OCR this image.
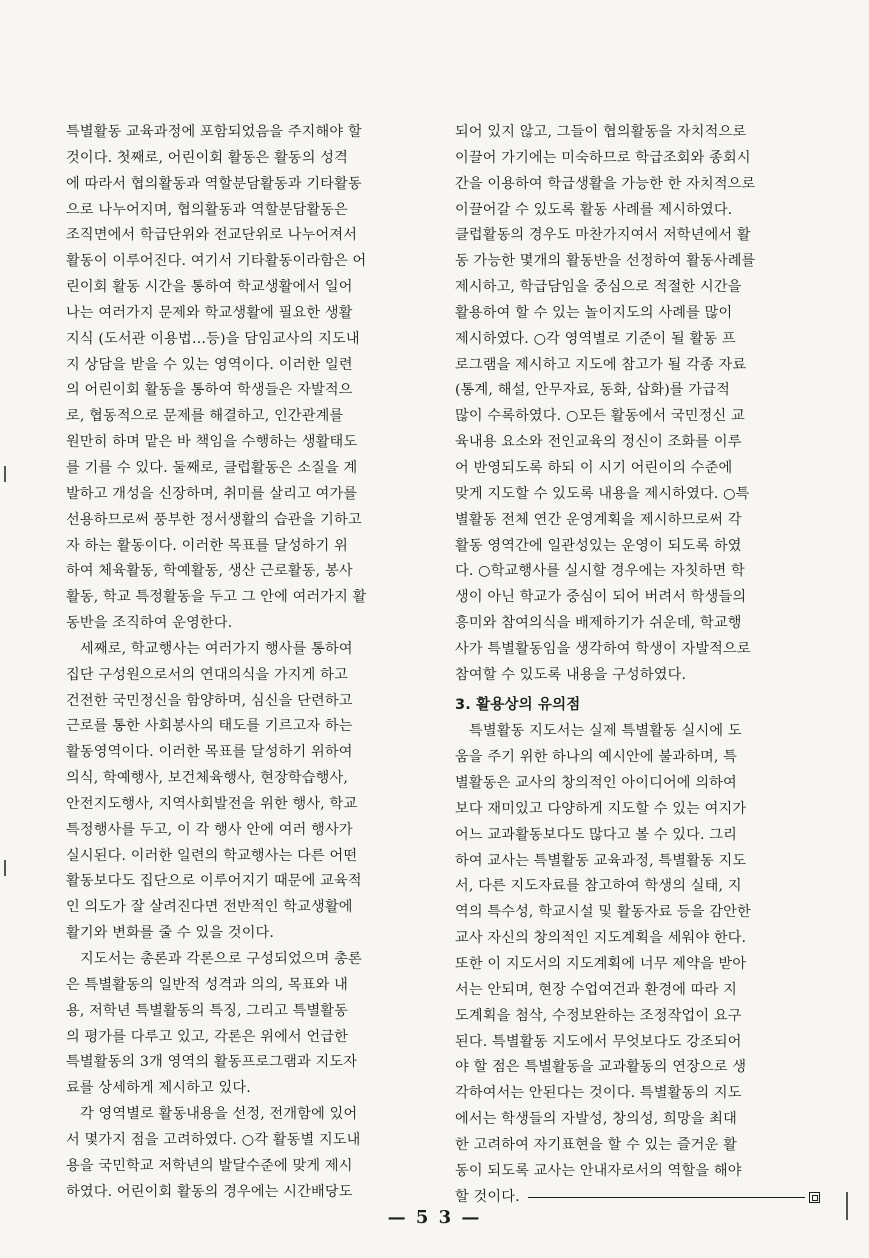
특별활동 교육과정에 포함되었음을 주지해야 할
것이다. 첫째로, 어린이회 활동은 활동의 성격
에 따라서 협의활동과 역할분담활동과 기타활동
으로 나누어지며, 협의활동과 역할분담활동은
조직면에서 학급단위와 전교단위로 나누어져서
활동이 이루어진다. 여기서 기타활동이라함은 어
린이회 활동 시간을 통하여 학교생활에서 일어
나는 여러가지 문제와 학교생활에 필요한 생활
지식 (도서관 이용법…등)을 담임교사의 지도내
지 상담을 받을 수 있는 영역이다. 이러한 일련
의 어린이회 활동을 통하여 학생들은 자발적으
로, 협동적으로 문제를 해결하고, 인간관계를
원만히 하며 맡은 바 책임을 수행하는 생활태도
를 기를 수 있다. 둘째로, 클럽활동은 소질을 계
발하고 개성을 신장하며, 취미를 살리고 여가를
선용하므로써 풍부한 정서생활의 습관을 기하고
자 하는 활동이다. 이러한 목표를 달성하기 위
하여 체육활동, 학예활동, 생산 근로활동, 봉사
활동, 학교 특정활동을 두고 그 안에 여러가지 활
동반을 조직하여 운영한다.
세째로, 학교행사는 여러가지 행사를 통하여
집단 구성원으로서의 연대의식을 가지게 하고
건전한 국민정신을 함양하며, 심신을 단련하고
근로를 통한 사회봉사의 태도를 기르고자 하는
활동영역이다. 이러한 목표를 달성하기 위하여
의식, 학예행사, 보건체육행사, 현장학습행사,
안전지도행사, 지역사회발전을 위한 행사, 학교
특정행사를 두고, 이 각 행사 안에 여러 행사가
실시된다. 이러한 일련의 학교행사는 다른 어떤
활동보다도 집단으로 이루어지기 때문에 교육적
인 의도가 잘 살려진다면 전반적인 학교생활에
활기와 변화를 줄 수 있을 것이다.
지도서는 총론과 각론으로 구성되었으며 총론
은 특별활동의 일반적 성격과 의의, 목표와 내
용, 저학년 특별활동의 특징, 그리고 특별활동
의 평가를 다루고 있고, 각론은 위에서 언급한
특별활동의 3개 영역의 활동프로그램과 지도자
료를 상세하게 제시하고 있다.
각 영역별로 활동내용을 선정, 전개함에 있어
서 몇가지 점을 고려하였다. ○각 활동별 지도내
용을 국민학교 저학년의 발달수준에 맞게 제시
하였다. 어린이회 활동의 경우에는 시간배당도
되어 있지 않고, 그들이 협의활동을 자치적으로
이끌어 가기에는 미숙하므로 학급조회와 종회시
간을 이용하여 학급생활을 가능한 한 자치적으로
이끌어갈 수 있도록 활동 사례를 제시하였다.
클럽활동의 경우도 마찬가지여서 저학년에서 활
동 가능한 몇개의 활동반을 선정하여 활동사례를
제시하고, 학급담임을 중심으로 적절한 시간을
활용하여 할 수 있는 놀이지도의 사례를 많이
제시하였다. ○각 영역별로 기준이 될 활동 프
로그램을 제시하고 지도에 참고가 될 각종 자료
(통계, 해설, 안무자료, 동화, 삽화)를 가급적
많이 수록하였다. ○모든 활동에서 국민정신 교
육내용 요소와 전인교육의 정신이 조화를 이루
어 반영되도록 하되 이 시기 어린이의 수준에
맞게 지도할 수 있도록 내용을 제시하였다. ○특
별활동 전체 연간 운영계획을 제시하므로써 각
활동 영역간에 일관성있는 운영이 되도록 하였
다. ○학교행사를 실시할 경우에는 자칫하면 학
생이 아닌 학교가 중심이 되어 버려서 학생들의
흥미와 참여의식을 배제하기가 쉬운데, 학교행
사가 특별활동임을 생각하여 학생이 자발적으로
참여할 수 있도록 내용을 구성하였다.
3. 활용상의 유의점
특별활동 지도서는 실제 특별활동 실시에 도
움을 주기 위한 하나의 예시안에 불과하며, 특
별활동은 교사의 창의적인 아이디어에 의하여
보다 재미있고 다양하게 지도할 수 있는 여지가
어느 교과활동보다도 많다고 볼 수 있다. 그리
하여 교사는 특별활동 교육과정, 특별활동 지도
서, 다른 지도자료를 참고하여 학생의 실태, 지
역의 특수성, 학교시설 및 활동자료 등을 감안한
교사 자신의 창의적인 지도계획을 세워야 한다.
또한 이 지도서의 지도계획에 너무 제약을 받아
서는 안되며, 현장 수업여건과 환경에 따라 지
도계획을 첨삭, 수정보완하는 조정작업이 요구
된다. 특별활동 지도에서 무엇보다도 강조되어
야 할 점은 특별활동을 교과활동의 연장으로 생
각하여서는 안된다는 것이다. 특별활동의 지도
에서는 학생들의 자발성, 창의성, 희망을 최대
한 고려하여 자기표현을 할 수 있는 즐거운 활
동이 되도록 교사는 안내자로서의 역할을 해야
할 것이다.
— 5 3 —
